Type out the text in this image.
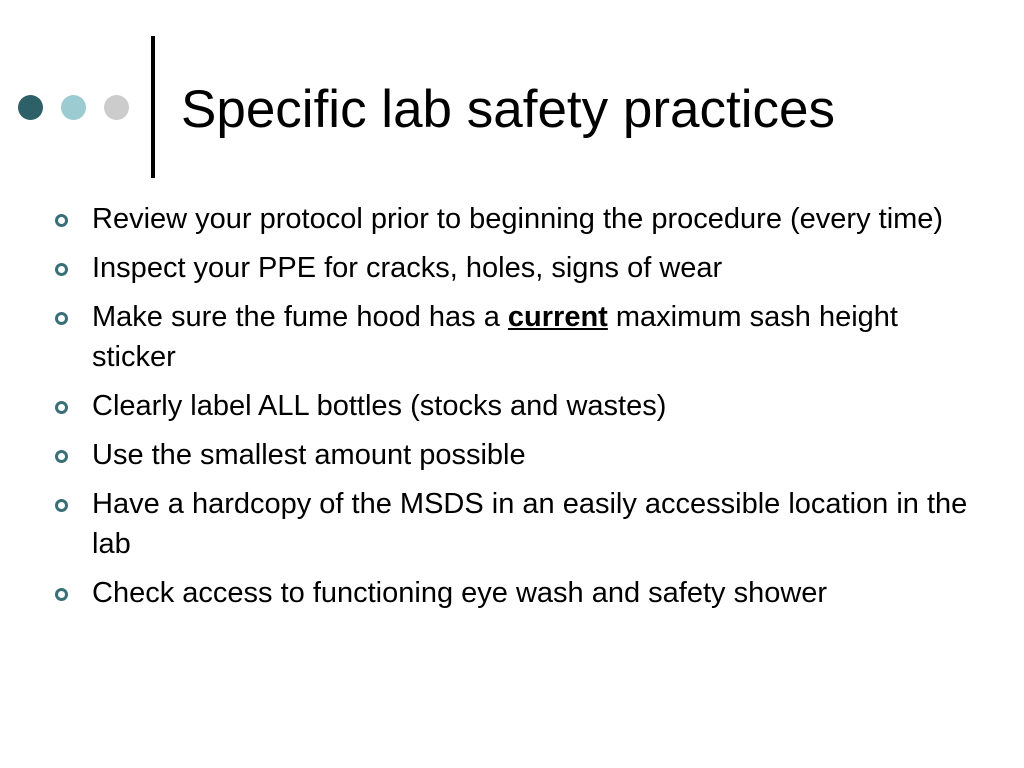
Specific lab safety practices
Review your protocol prior to beginning the procedure (every time)
Inspect your PPE for cracks, holes, signs of wear
Make sure the fume hood has a current maximum sash height sticker
Clearly label ALL bottles (stocks and wastes)
Use the smallest amount possible
Have a hardcopy of the MSDS in an easily accessible location in the lab
Check access to functioning eye wash and safety shower
